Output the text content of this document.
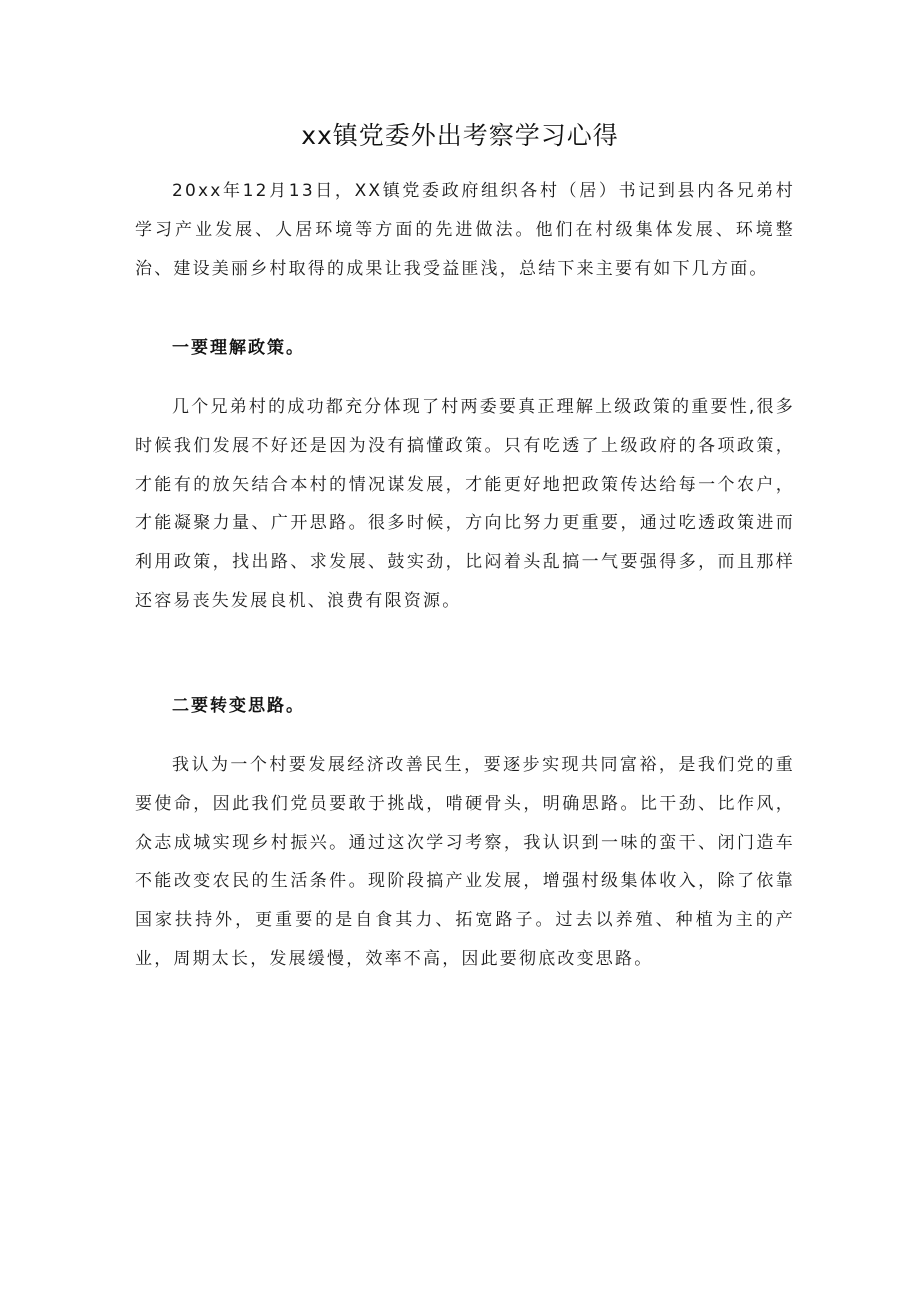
xx镇党委外出考察学习心得

20xx年12月13日，XX镇党委政府组织各村（居）书记到县内各兄弟村学习产业发展、人居环境等方面的先进做法。他们在村级集体发展、环境整治、建设美丽乡村取得的成果让我受益匪浅，总结下来主要有如下几方面。

一要理解政策。

几个兄弟村的成功都充分体现了村两委要真正理解上级政策的重要性,很多时候我们发展不好还是因为没有搞懂政策。只有吃透了上级政府的各项政策，才能有的放矢结合本村的情况谋发展，才能更好地把政策传达给每一个农户，才能凝聚力量、广开思路。很多时候，方向比努力更重要，通过吃透政策进而利用政策，找出路、求发展、鼓实劲，比闷着头乱搞一气要强得多，而且那样还容易丧失发展良机、浪费有限资源。

二要转变思路。

我认为一个村要发展经济改善民生，要逐步实现共同富裕，是我们党的重要使命，因此我们党员要敢于挑战，啃硬骨头，明确思路。比干劲、比作风，众志成城实现乡村振兴。通过这次学习考察，我认识到一味的蛮干、闭门造车不能改变农民的生活条件。现阶段搞产业发展，增强村级集体收入，除了依靠国家扶持外，更重要的是自食其力、拓宽路子。过去以养殖、种植为主的产业，周期太长，发展缓慢，效率不高，因此要彻底改变思路。
